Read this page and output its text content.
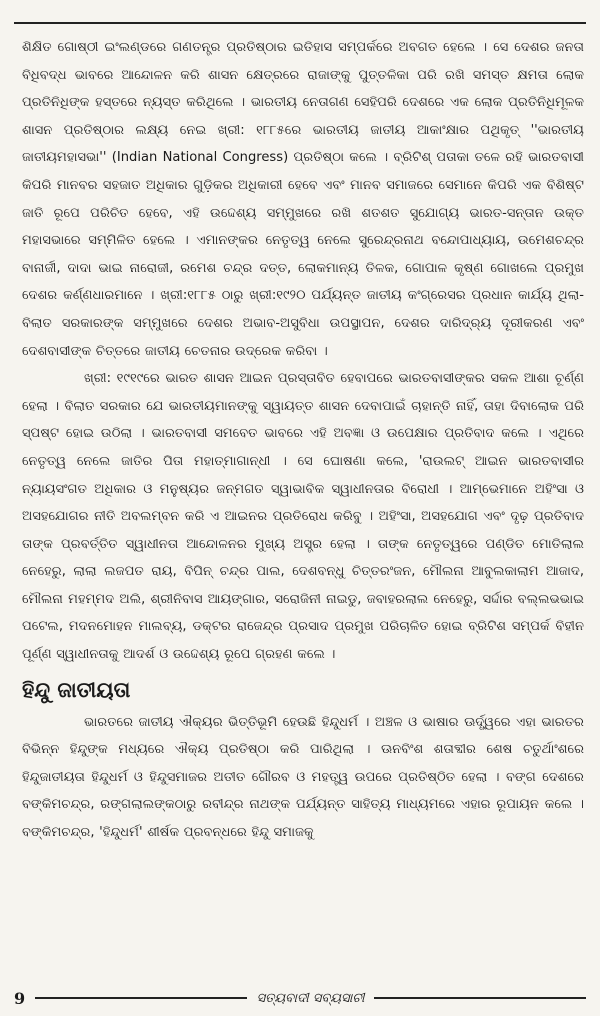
ଶିକ୍ଷିତ ଗୋଷ୍ଠୀ ଇଂଲଣ୍ଡରେ ଗଣତନ୍ତ୍ର ପ୍ରତିଷ୍ଠାର ଇତିହାସ ସମ୍ପର୍କରେ ଅବଗତ ହେଲେ । ସେ ଦେଶର ଜନତା ବିଧିବଦ୍ଧ ଭାବରେ ଆନ୍ଦୋଳନ କରି ଶାସନ କ୍ଷେତ୍ରରେ ରାଜାଙ୍କୁ ପୁତ୍ତଳିକା ପରି ରଖି ସମସ୍ତ କ୍ଷମତା ଲୋକ ପ୍ରତିନିଧିଙ୍କ ହସ୍ତରେ ନ୍ୟସ୍ତ କରିଥିଲେ । ଭାରତୀୟ ନେତାଗଣ ସେହିପରି ଦେଶରେ ଏକ ଲୋକ ପ୍ରତିନିଧିମୂଳକ ଶାସନ ପ୍ରତିଷ୍ଠାର ଲକ୍ଷ୍ୟ ନେଇ ଖ୍ରୀ: ୧୮୮୫ରେ ଭାରତୀୟ ଜାତୀୟ ଆକାଂକ୍ଷାର ପଥିକୃତ୍ ''ଭାରତୀୟ ଜାତୀୟମହାସଭା'' (Indian National Congress) ପ୍ରତିଷ୍ଠା କଲେ । ବ୍ରିଟିଶ୍ ପତାକା ତଳେ ରହି ଭାରତବାସୀ କିପରି ମାନବର ସହଜାତ ଅଧିକାର ଗୁଡ଼ିକର ଅଧିକାରୀ ହେବେ ଏବଂ ମାନବ ସମାଜରେ ସେମାନେ କିପରି ଏକ ବିଶିଷ୍ଟ ଜାତି ରୂପେ ପରିଚିତ ହେବେ, ଏହି ଉଦ୍ଦେଶ୍ୟ ସମ୍ମୁଖରେ ରଖି ଶତଶତ ସୁଯୋଗ୍ୟ ଭାରତ-ସନ୍ତାନ ଉକ୍ତ ମହାସଭାରେ ସମ୍ମିଳିତ ହେଲେ । ଏମାନଙ୍କର ନେତୃତ୍ୱ ନେଲେ ସୁରେନ୍ଦ୍ରନାଥ ବନ୍ଦୋପାଧ୍ୟାୟ, ଉମେଶଚନ୍ଦ୍ର ବାନାର୍ଜୀ, ଦାଦା ଭାଇ ନାରୋଜୀ, ରମେଶ ଚନ୍ଦ୍ର ଦତ୍ତ, ଲୋକମାନ୍ୟ ତିଳକ, ଗୋପାଳ କୃଷ୍ଣ ଗୋଖଲେ ପ୍ରମୁଖ ଦେଶର କର୍ଣ୍ଣଧାରମାନେ । ଖ୍ରୀ:୧୮୮୫ ଠାରୁ ଖ୍ରୀ:୧୯୨୦ ପର୍ଯ୍ୟନ୍ତ ଜାତୀୟ କଂଗ୍ରେସର ପ୍ରଧାନ କାର୍ଯ୍ୟ ଥିଲା-ବିଲାତ ସରକାରଙ୍କ ସମ୍ମୁଖରେ ଦେଶର ଅଭାବ-ଅସୁବିଧା ଉପସ୍ଥାପନ, ଦେଶର ଦାରିଦ୍ର୍ୟ ଦୂରୀକରଣ ଏବଂ ଦେଶବାସୀଙ୍କ ଚିତ୍ତରେ ଜାତୀୟ ଚେତନାର ଉଦ୍ରେକ କରିବା ।

ଖ୍ରୀ: ୧୯୧୯ରେ ଭାରତ ଶାସନ ଆଇନ ପ୍ରସ୍ତାବିତ ହେବାପରେ ଭାରତବାସୀଙ୍କର ସକଳ ଆଶା ଚୂର୍ଣ୍ଣ ହେଲା । ବିଲାତ ସରକାର ଯେ ଭାରତୀୟମାନଙ୍କୁ ସ୍ୱାୟତ୍ତ ଶାସନ ଦେବାପାଇଁ ଚାହାନ୍ତି ନାହିଁ, ତାହା ଦିବାଲୋକ ପରି ସ୍ପଷ୍ଟ ହୋଇ ଉଠିଲା । ଭାରତବାସୀ ସମବେତ ଭାବରେ ଏହି ଅବଜ୍ଞା ଓ ଉପେକ୍ଷାର ପ୍ରତିବାଦ କଲେ । ଏଥିରେ ନେତୃତ୍ୱ ନେଲେ ଜାତିର ପିତା ମହାତ୍ମାଗାନ୍ଧୀ । ସେ ଘୋଷଣା କଲେ, 'ରାଉଲଟ୍ ଆଇନ ଭାରତବାସୀର ନ୍ୟାୟସଂଗତ ଅଧିକାର ଓ ମନୁଷ୍ୟର ଜନ୍ମଗତ ସ୍ୱାଭାବିକ ସ୍ୱାଧୀନତାର ବିରୋଧୀ । ଆମ୍ଭେମାନେ ଅହିଂସା ଓ ଅସହଯୋଗର ନୀତି ଅବଲମ୍ବନ କରି ଏ ଆଇନର ପ୍ରତିରୋଧ କରିବୁ । ଅହିଂସା, ଅସହଯୋଗ ଏବଂ ଦୃଢ଼ ପ୍ରତିବାଦ ତାଙ୍କ ପ୍ରବର୍ତ୍ତିତ ସ୍ୱାଧୀନତା ଆନ୍ଦୋଳନର ମୁଖ୍ୟ ଅସ୍ତ୍ର ହେଲା । ତାଙ୍କ ନେତୃତ୍ୱରେ ପଣ୍ଡିତ ମୋତିଲାଲ ନେହେରୁ, ଲାଲା ଲଜପତ ରାୟ, ବିପିନ୍ ଚନ୍ଦ୍ର ପାଲ, ଦେଶବନ୍ଧୁ ଚିତ୍ତରଂଜନ, ମୌଲନା ଆବୁଲକାଲାମ ଆଜାଦ, ମୌଲନା ମହମ୍ମଦ ଅଲି, ଶ୍ରୀନିବାସ ଆୟଙ୍ଗାର, ସରୋଜିନୀ ନାଇଡୁ, ଜବାହରଲାଲ ନେହେରୁ, ସର୍ଦ୍ଦାର ବଲ୍ଲଭଭାଇ ପଟେଲ, ମଦନମୋହନ ମାଲବ୍ୟ, ଡକ୍ଟର ରାଜେନ୍ଦ୍ର ପ୍ରସାଦ ପ୍ରମୁଖ ପରିଚାଳିତ ହୋଇ ବ୍ରିଟିଶ ସମ୍ପର୍କ ବିହୀନ ପୂର୍ଣ୍ଣ ସ୍ୱାଧୀନତାକୁ ଆଦର୍ଶ ଓ ଉଦ୍ଦେଶ୍ୟ ରୂପେ ଗ୍ରହଣ କଲେ ।

ହିନ୍ଦୁ ଜାତୀୟତା

ଭାରତରେ ଜାତୀୟ ଐକ୍ୟର ଭିତ୍ତିଭୂମି ହେଉଛି ହିନ୍ଦୁଧର୍ମ । ଅଞ୍ଚଳ ଓ ଭାଷାର ଊର୍ଦ୍ଧ୍ୱରେ ଏହା ଭାରତର ବିଭିନ୍ନ ହିନ୍ଦୁଙ୍କ ମଧ୍ୟରେ ଐକ୍ୟ ପ୍ରତିଷ୍ଠା କରି ପାରିଥିଲା । ଊନବିଂଶ ଶତାବ୍ଦୀର ଶେଷ ଚତୁର୍ଥାଂଶରେ ହିନ୍ଦୁଜାତୀୟତା ହିନ୍ଦୁଧର୍ମ ଓ ହିନ୍ଦୁସମାଜର ଅତୀତ ଗୌରବ ଓ ମହତ୍ତ୍ୱ ଉପରେ ପ୍ରତିଷ୍ଠିତ ହେଲା । ବଙ୍ଗ ଦେଶରେ ବଙ୍କିମଚନ୍ଦ୍ର, ରଙ୍ଗଲାଲଙ୍କଠାରୁ ରବୀନ୍ଦ୍ର ନାଥଙ୍କ ପର୍ଯ୍ୟନ୍ତ ସାହିତ୍ୟ ମାଧ୍ୟମରେ ଏହାର ରୂପାୟନ କଲେ । ବଙ୍କିମଚନ୍ଦ୍ର, 'ହିନ୍ଦୁଧର୍ମ' ଶୀର୍ଷକ ପ୍ରବନ୍ଧରେ ହିନ୍ଦୁ ସମାଜକୁ

9	ସତ୍ୟବାଦୀ ସବ୍ୟସାଚୀ
